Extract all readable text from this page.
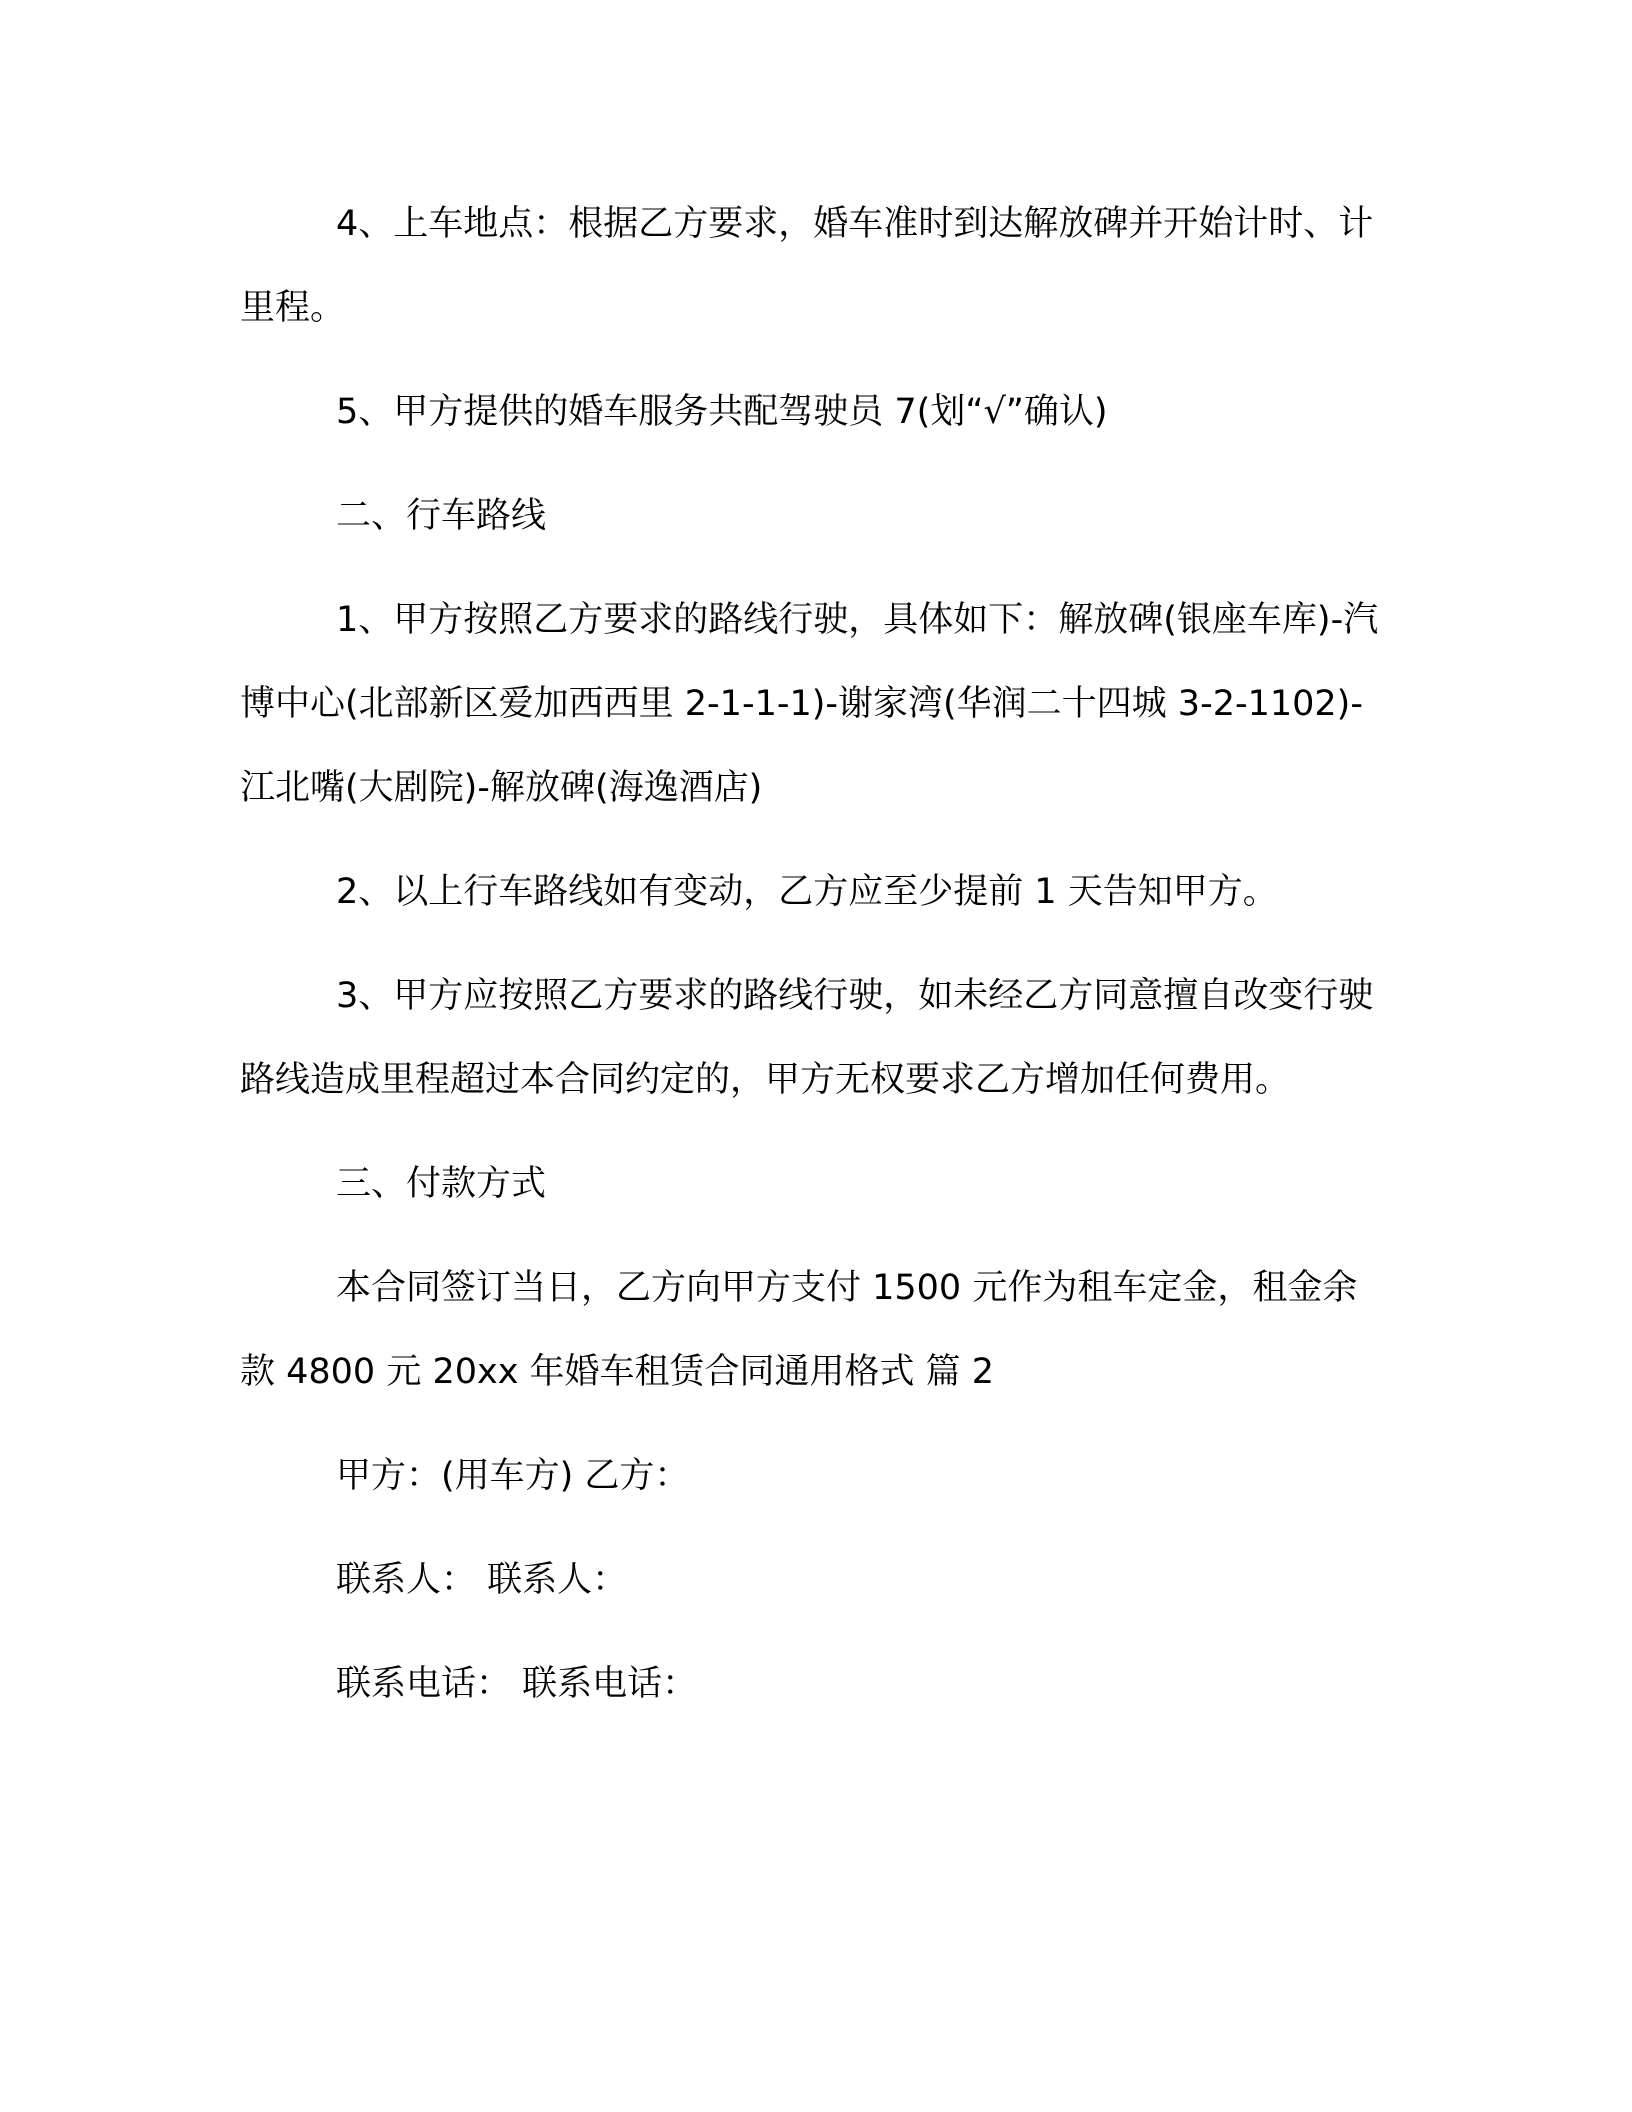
4、上车地点：根据乙方要求，婚车准时到达解放碑并开始计时、计里程。

5、甲方提供的婚车服务共配驾驶员 7(划“√”确认)

二、行车路线

1、甲方按照乙方要求的路线行驶，具体如下：解放碑(银座车库)-汽博中心(北部新区爱加西西里 2-1-1-1)-谢家湾(华润二十四城 3-2-1102)-江北嘴(大剧院)-解放碑(海逸酒店)

2、以上行车路线如有变动，乙方应至少提前 1 天告知甲方。

3、甲方应按照乙方要求的路线行驶，如未经乙方同意擅自改变行驶路线造成里程超过本合同约定的，甲方无权要求乙方增加任何费用。

三、付款方式

本合同签订当日，乙方向甲方支付 1500 元作为租车定金，租金余款 4800 元 20xx 年婚车租赁合同通用格式 篇 2

甲方：(用车方) 乙方：

联系人： 联系人：

联系电话： 联系电话：
